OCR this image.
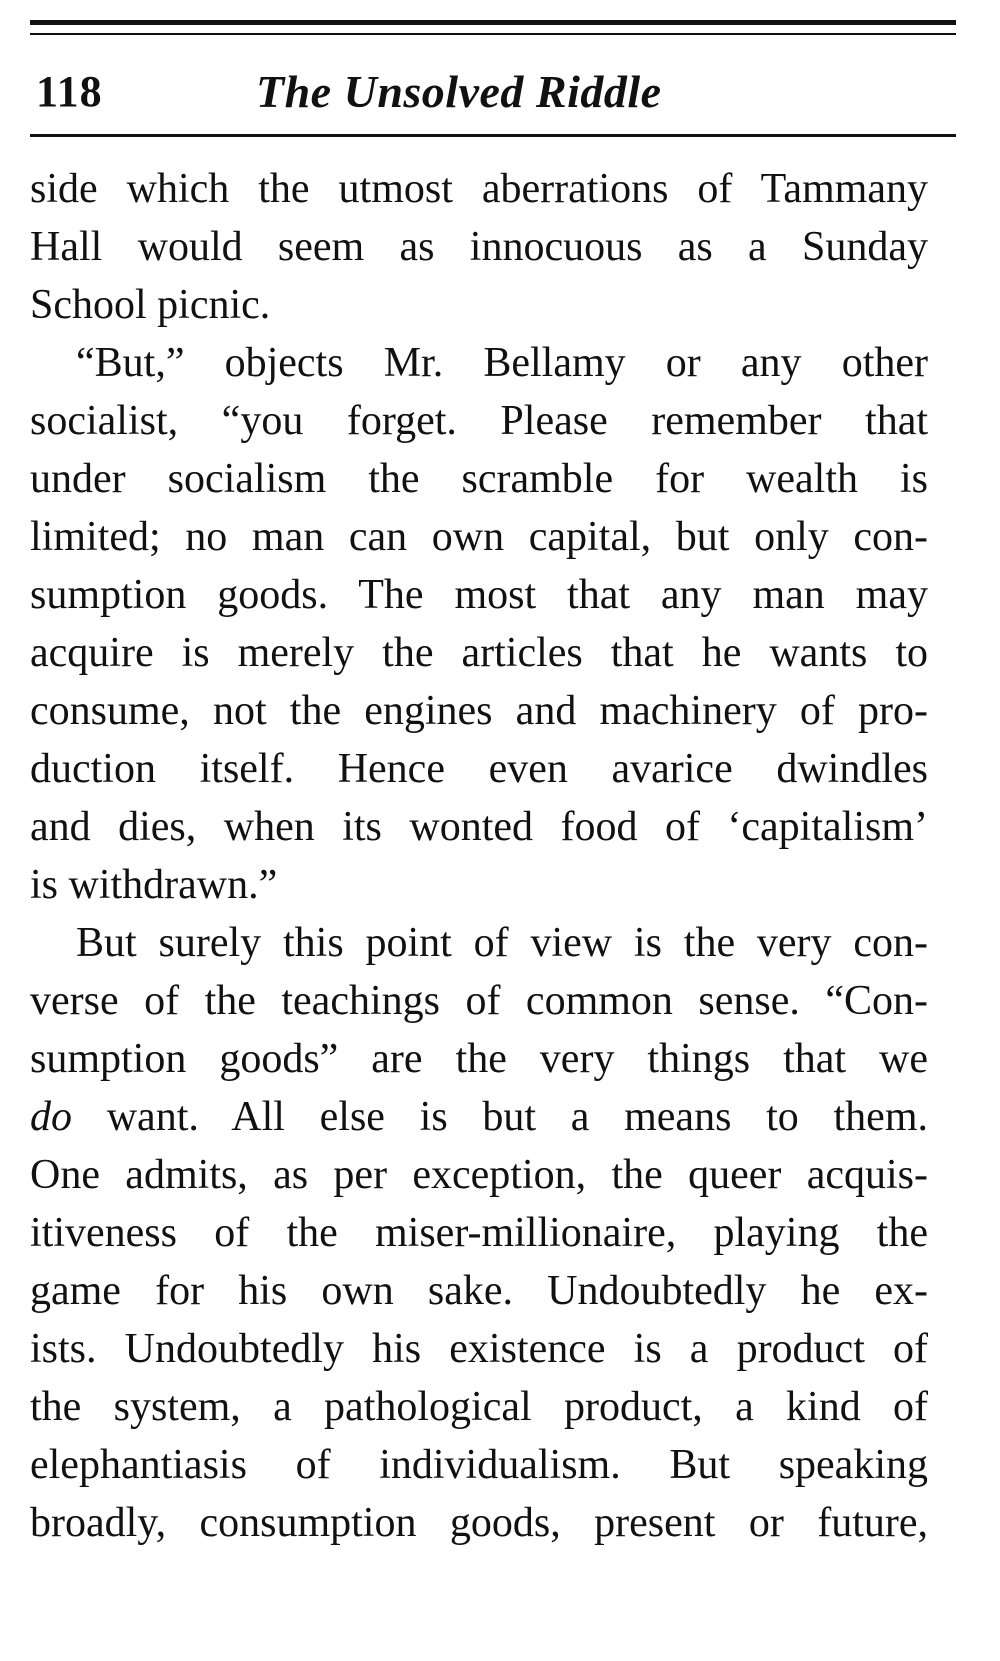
118	The Unsolved Riddle
side which the utmost aberrations of Tammany
Hall would seem as innocuous as a Sunday
School picnic.
“But,” objects Mr. Bellamy or any other
socialist, “you forget. Please remember that
under socialism the scramble for wealth is
limited; no man can own capital, but only con-
sumption goods. The most that any man may
acquire is merely the articles that he wants to
consume, not the engines and machinery of pro-
duction itself. Hence even avarice dwindles
and dies, when its wonted food of ‘capitalism’
is withdrawn.”
But surely this point of view is the very con-
verse of the teachings of common sense. “Con-
sumption goods” are the very things that we
do want. All else is but a means to them.
One admits, as per exception, the queer acquis-
itiveness of the miser-millionaire, playing the
game for his own sake. Undoubtedly he ex-
ists. Undoubtedly his existence is a product of
the system, a pathological product, a kind of
elephantiasis of individualism. But speaking
broadly, consumption goods, present or future,
